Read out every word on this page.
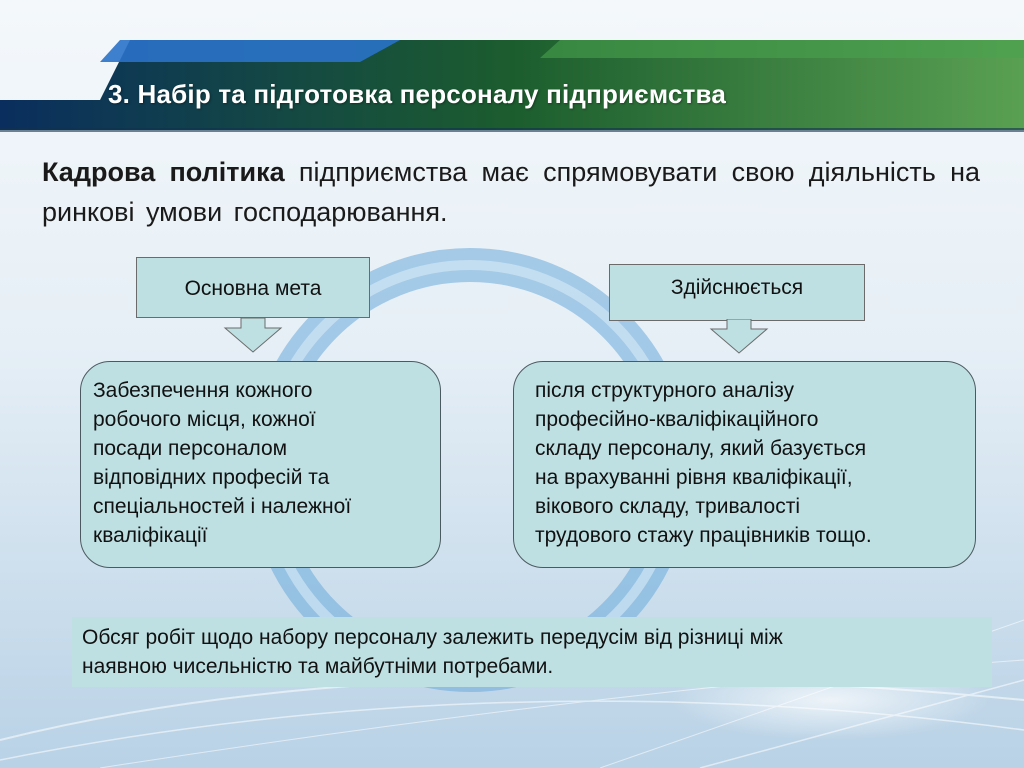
3. Набір та підготовка персоналу підприємства

Кадрова політика підприємства має спрямовувати свою діяльність на ринкові умови господарювання.

Основна мета

Забезпечення кожного

робочого місця, кожної

посади персоналом

відповідних професій та

спеціальностей і належної

кваліфікації

Здійснюється

після структурного аналізу

професійно-кваліфікаційного

складу персоналу, який базується

на врахуванні рівня кваліфікації,

вікового складу, тривалості

трудового стажу працівників тощо.

Обсяг робіт щодо набору персоналу залежить передусім від різниці між

наявною чисельністю та майбутніми потребами.
